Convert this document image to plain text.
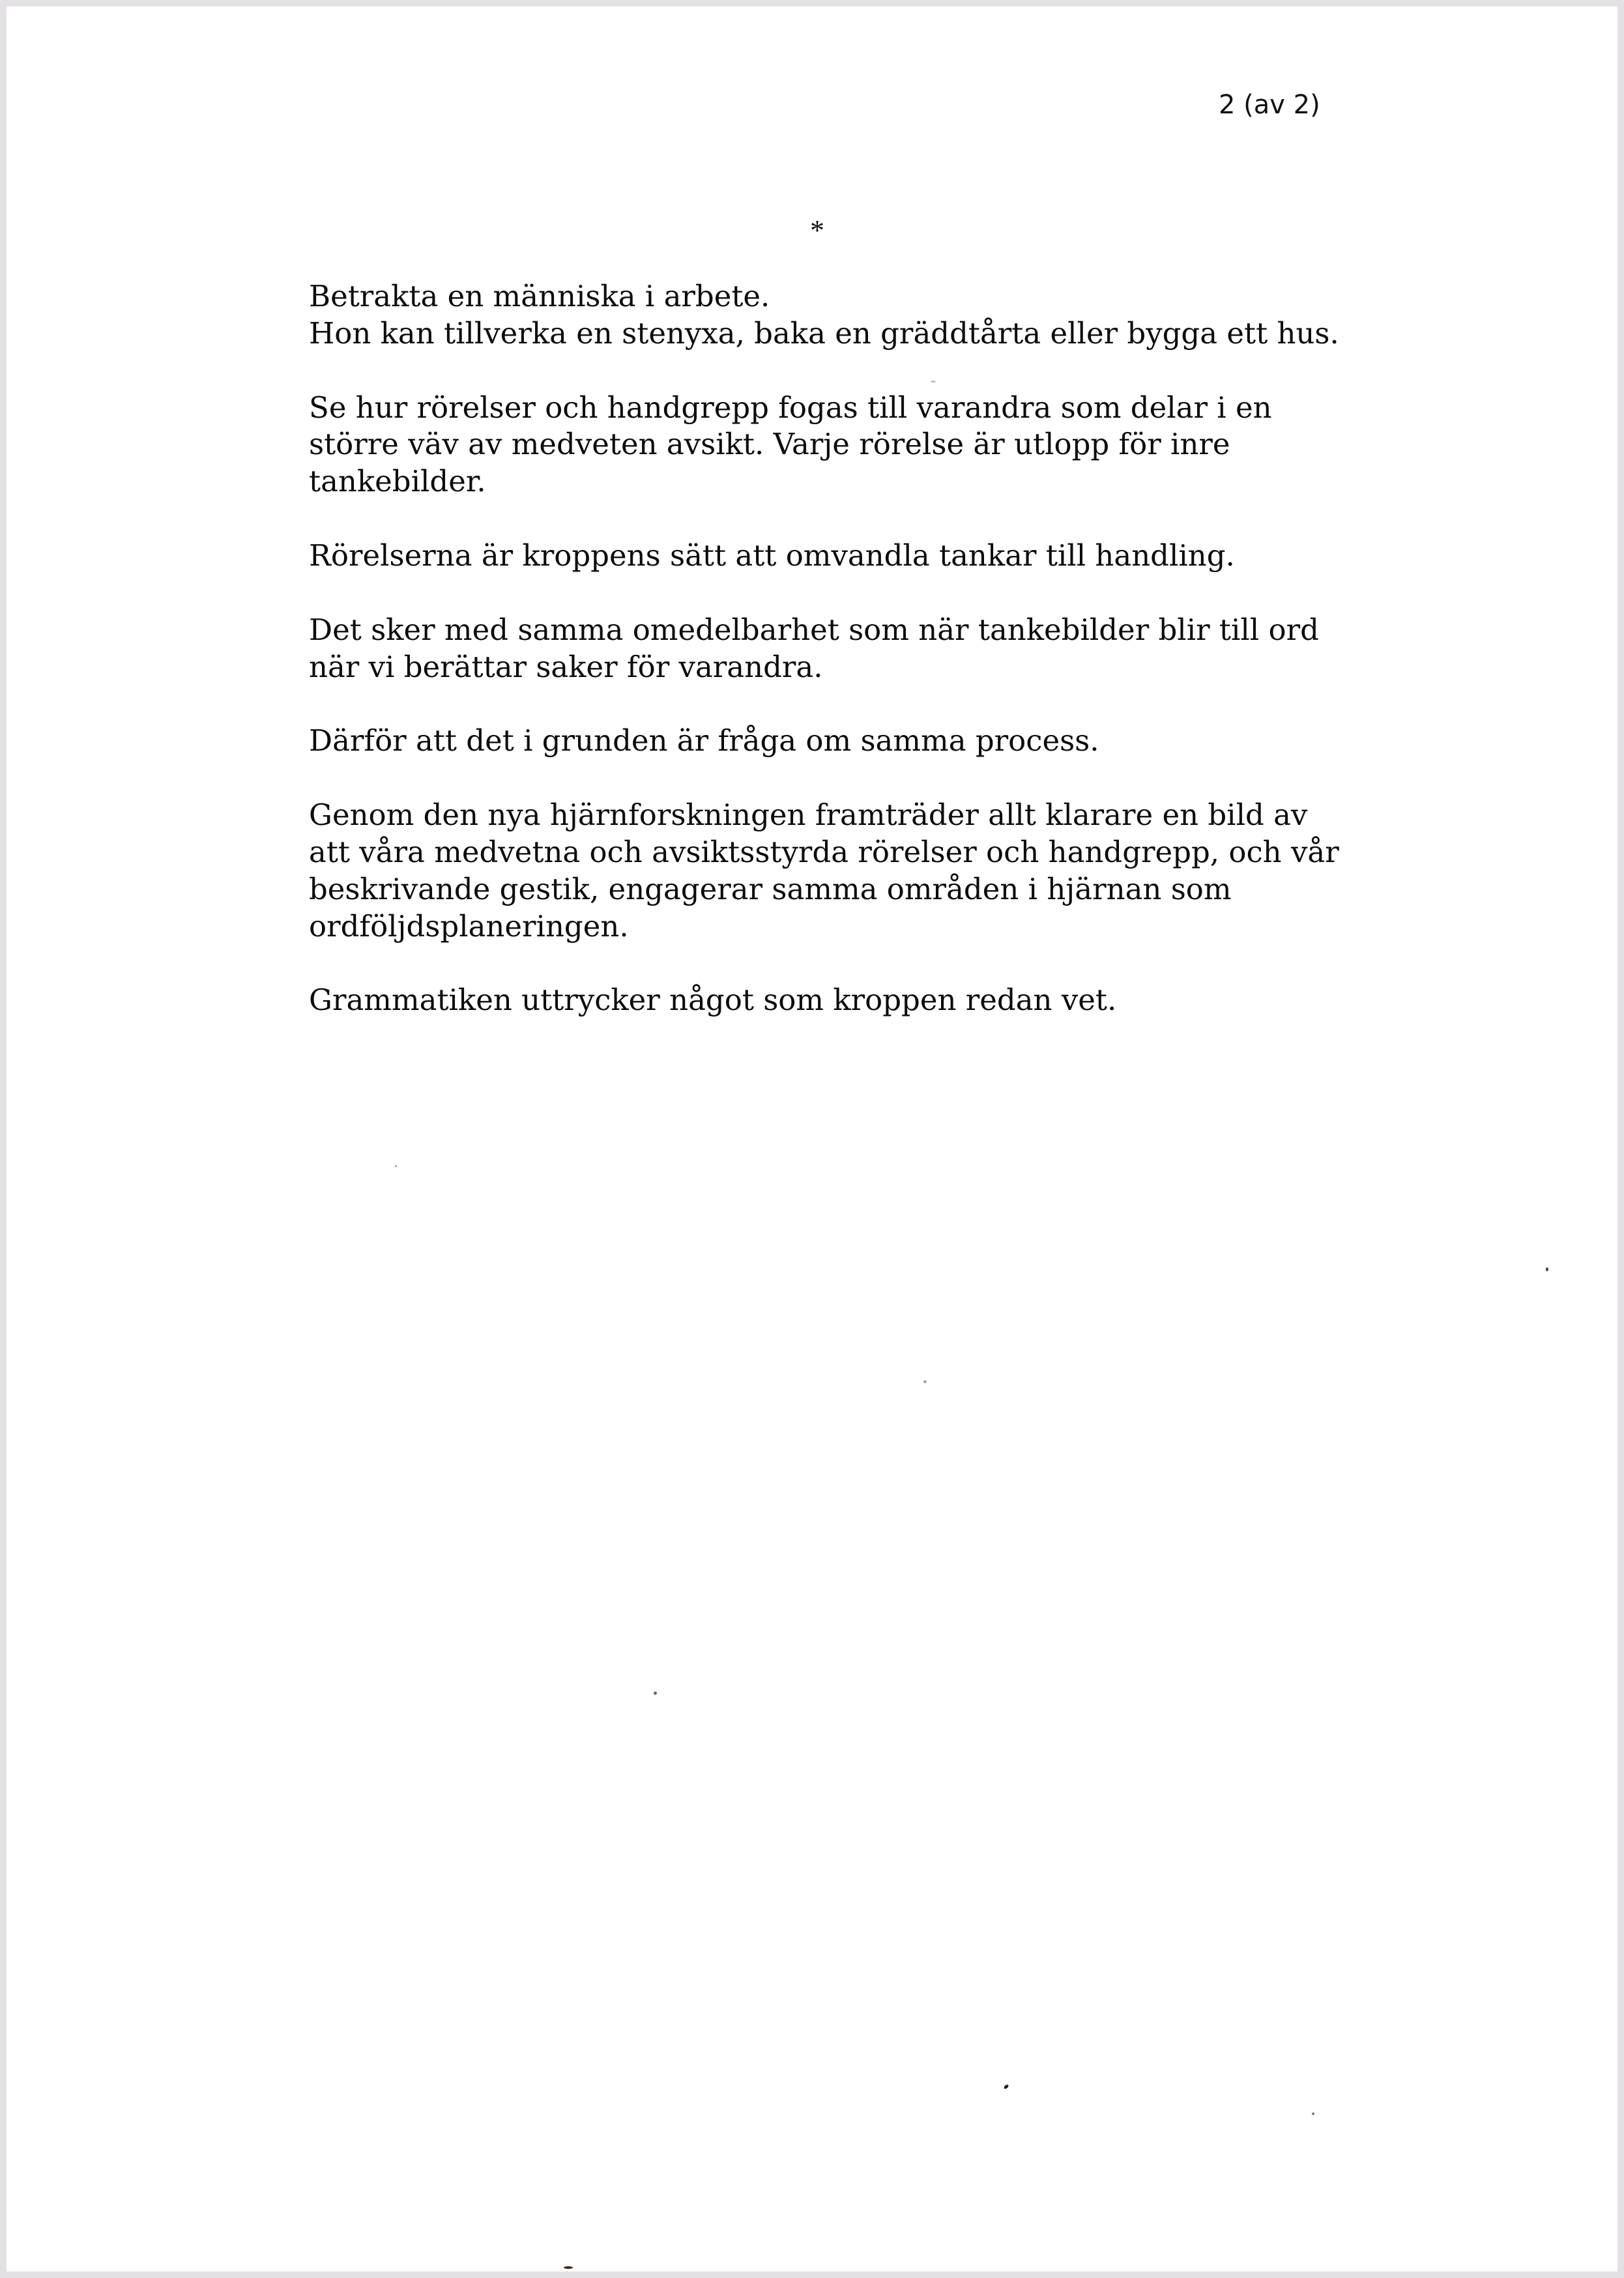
2 (av 2)
*

Betrakta en människa i arbete.
Hon kan tillverka en stenyxa, baka en gräddtårta eller bygga ett hus.

Se hur rörelser och handgrepp fogas till varandra som delar i en
större väv av medveten avsikt. Varje rörelse är utlopp för inre
tankebilder.

Rörelserna är kroppens sätt att omvandla tankar till handling.

Det sker med samma omedelbarhet som när tankebilder blir till ord
när vi berättar saker för varandra.

Därför att det i grunden är fråga om samma process.

Genom den nya hjärnforskningen framträder allt klarare en bild av
att våra medvetna och avsiktsstyrda rörelser och handgrepp, och vår
beskrivande gestik, engagerar samma områden i hjärnan som
ordföljdsplaneringen.

Grammatiken uttrycker något som kroppen redan vet.
